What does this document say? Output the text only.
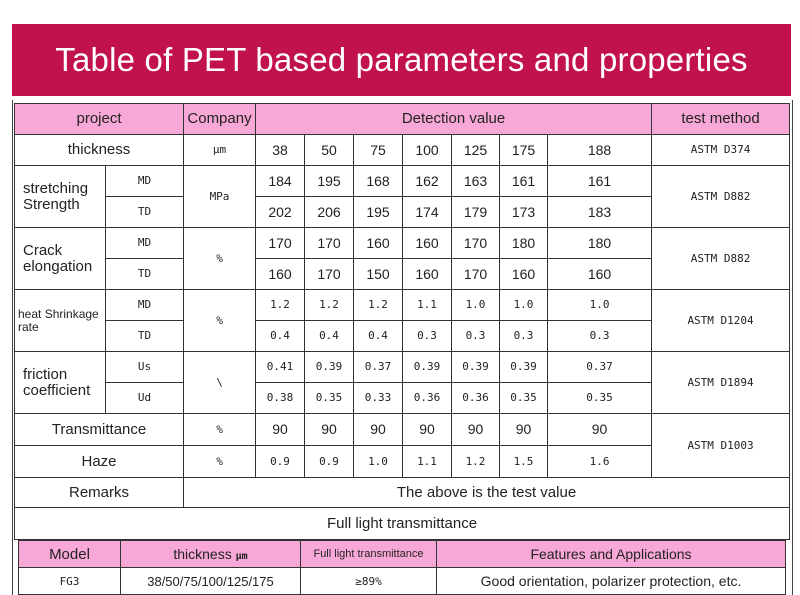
Table of PET based parameters and properties
project		Company	Detection value							test method
thickness		μm	38	50	75	100	125	175	188	ASTM D374
stretching Strength	MD	MPa	184	195	168	162	163	161	161	ASTM D882
	TD		202	206	195	174	179	173	183	
Crack elongation	MD	%	170	170	160	160	170	180	180	ASTM D882
	TD		160	170	150	160	170	160	160	
heat Shrinkage rate	MD	%	1.2	1.2	1.2	1.1	1.0	1.0	1.0	ASTM D1204
	TD		0.4	0.4	0.4	0.3	0.3	0.3	0.3	
friction coefficient	Us	\	0.41	0.39	0.37	0.39	0.39	0.39	0.37	ASTM D1894
	Ud		0.38	0.35	0.33	0.36	0.36	0.35	0.35	
Transmittance		%	90	90	90	90	90	90	90	ASTM D1003
Haze		%	0.9	0.9	1.0	1.1	1.2	1.5	1.6	
Remarks		The above is the test value								
Full light transmittance										
Model	thickness μm	Full light transmittance	Features and Applications
FG3	38/50/75/100/125/175	≥89%	Good orientation, polarizer protection, etc.
